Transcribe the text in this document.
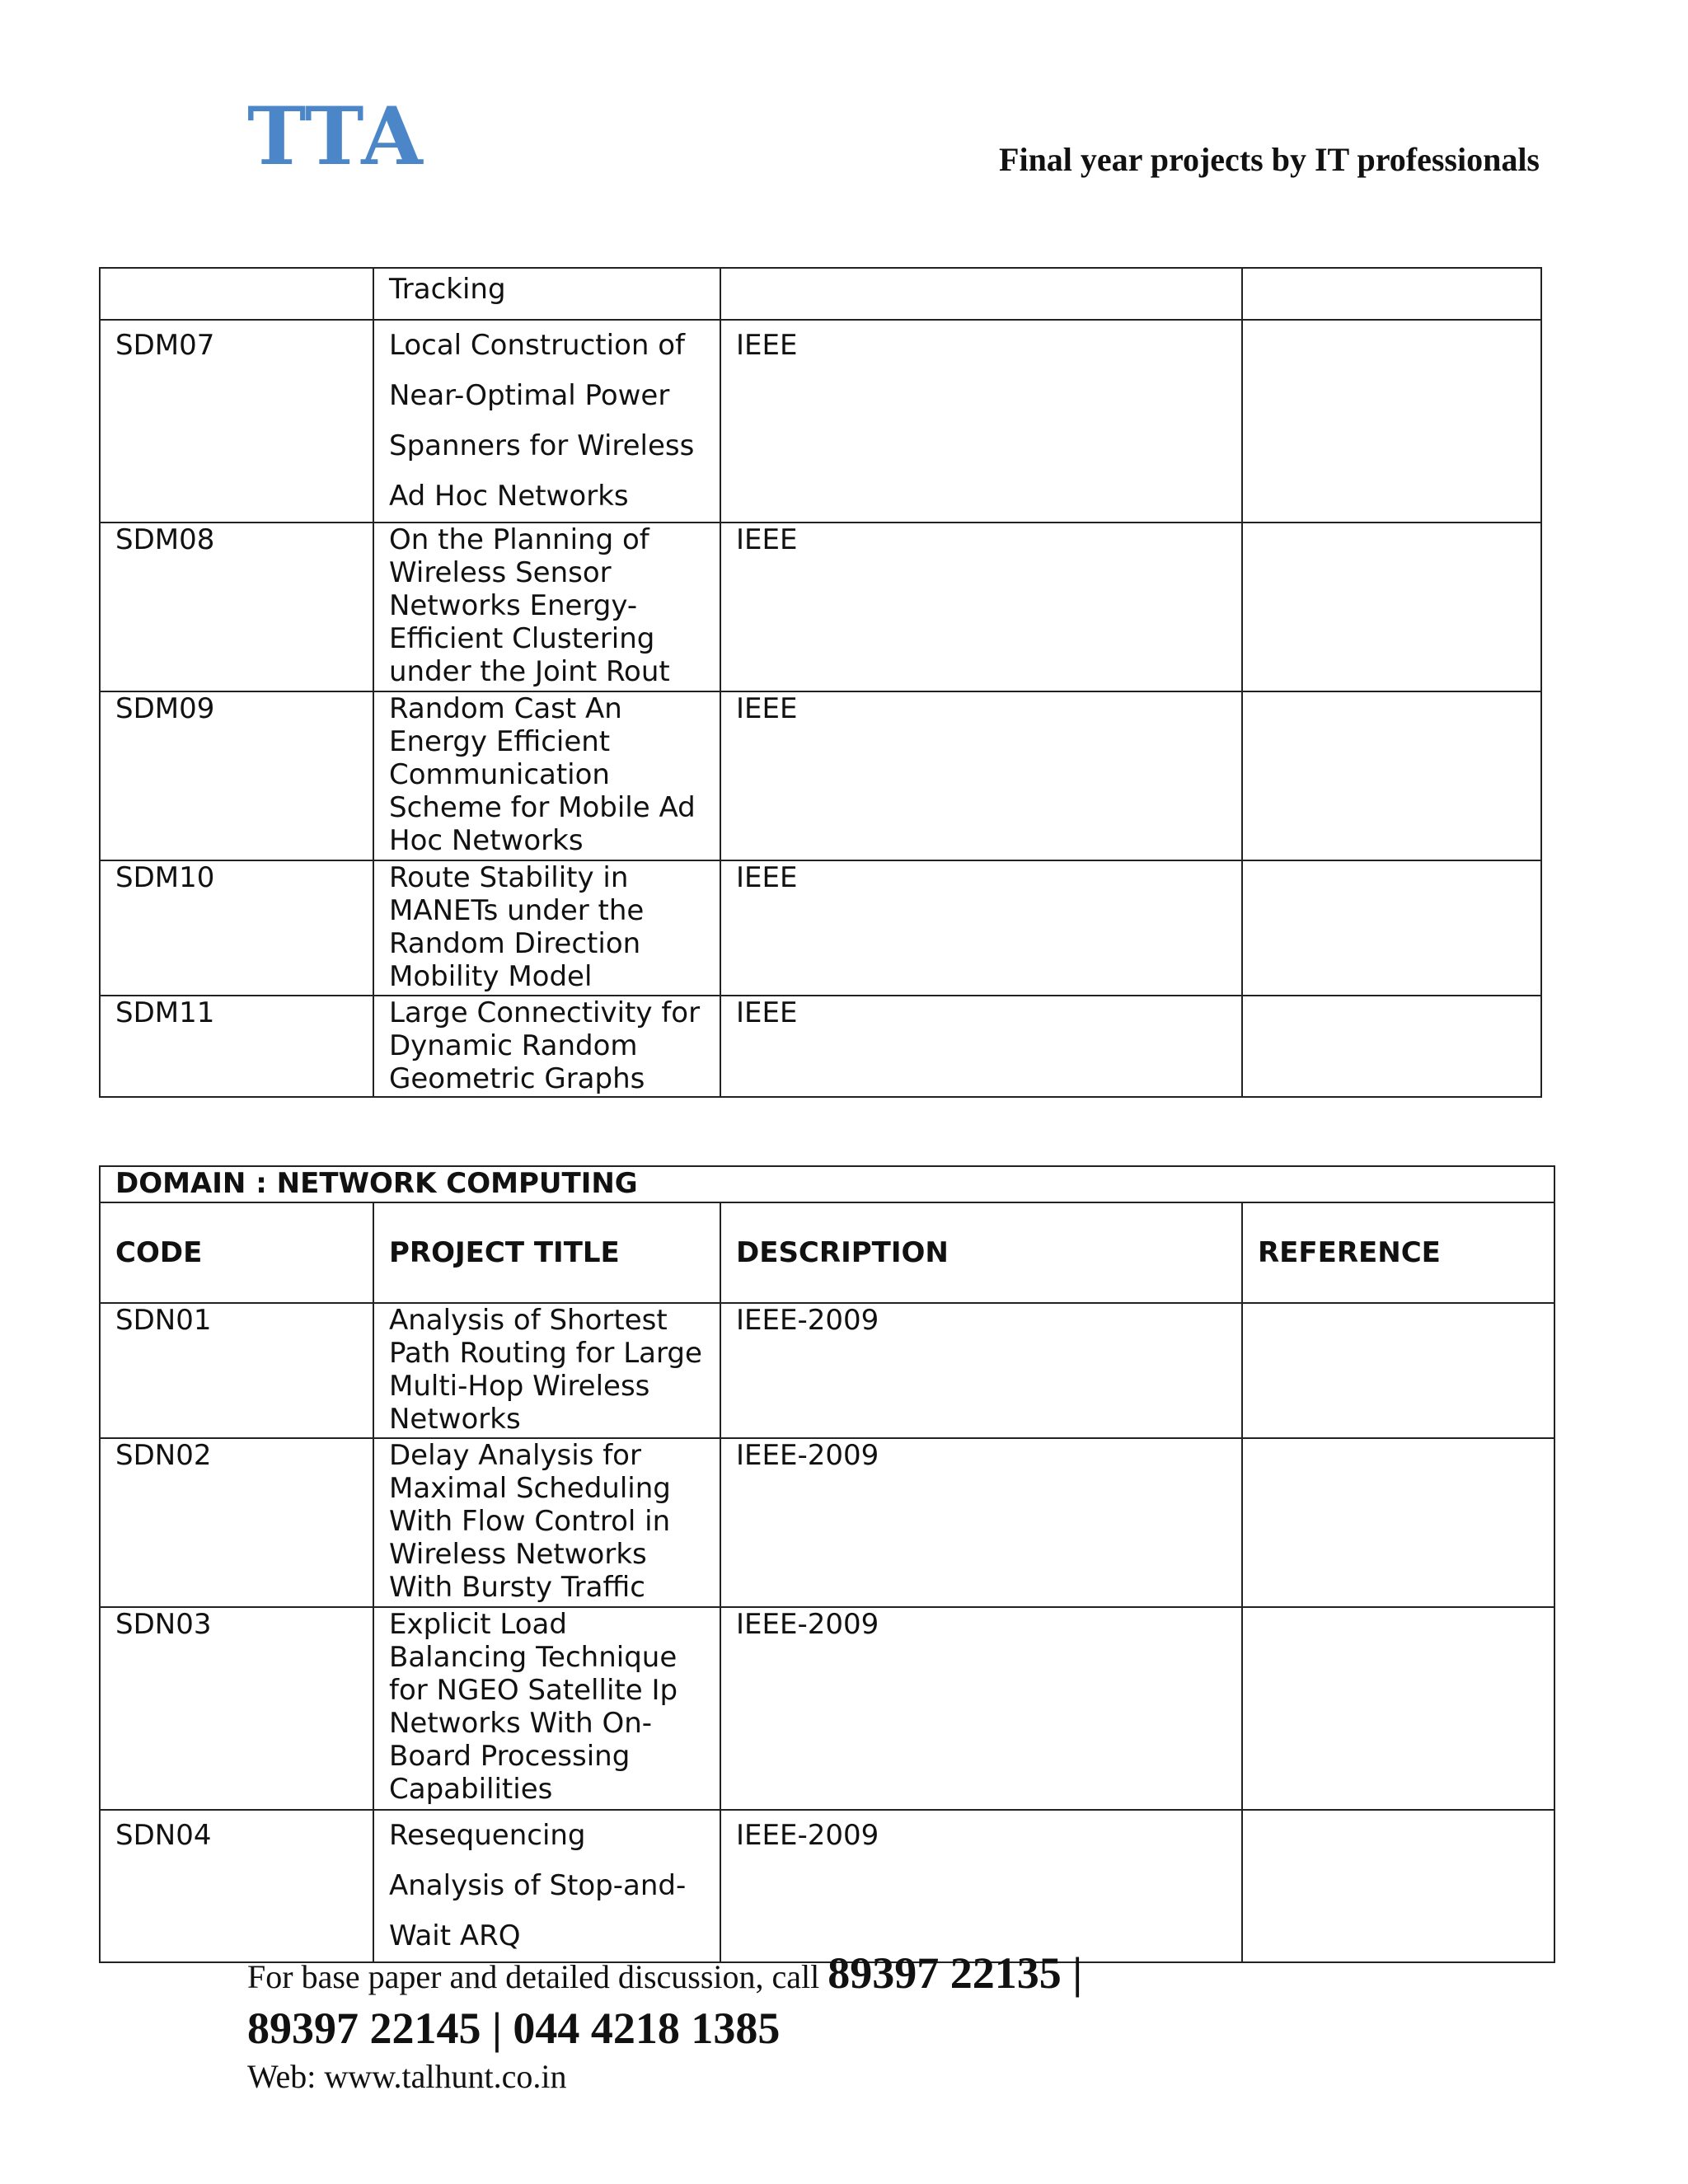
TTA	Final year projects by IT professionals
	Tracking		
SDM07	Local Construction of Near-Optimal Power Spanners for Wireless Ad Hoc Networks	IEEE	
SDM08	On the Planning of Wireless Sensor Networks Energy-Efficient Clustering under the Joint Rout	IEEE	
SDM09	Random Cast An Energy Efficient Communication Scheme for Mobile Ad Hoc Networks	IEEE	
SDM10	Route Stability in MANETs under the Random Direction Mobility Model	IEEE	
SDM11	Large Connectivity for Dynamic Random Geometric Graphs	IEEE	
DOMAIN : NETWORK COMPUTING			
CODE	PROJECT TITLE	DESCRIPTION	REFERENCE
SDN01	Analysis of Shortest Path Routing for Large Multi-Hop Wireless Networks	IEEE-2009	
SDN02	Delay Analysis for Maximal Scheduling With Flow Control in Wireless Networks With Bursty Traffic	IEEE-2009	
SDN03	Explicit Load Balancing Technique for NGEO Satellite Ip Networks With On-Board Processing Capabilities	IEEE-2009	
SDN04	Resequencing Analysis of Stop-and-Wait ARQ	IEEE-2009	
For base paper and detailed discussion, call 89397 22135 |
89397 22145 | 044 4218 1385
Web: www.talhunt.co.in
